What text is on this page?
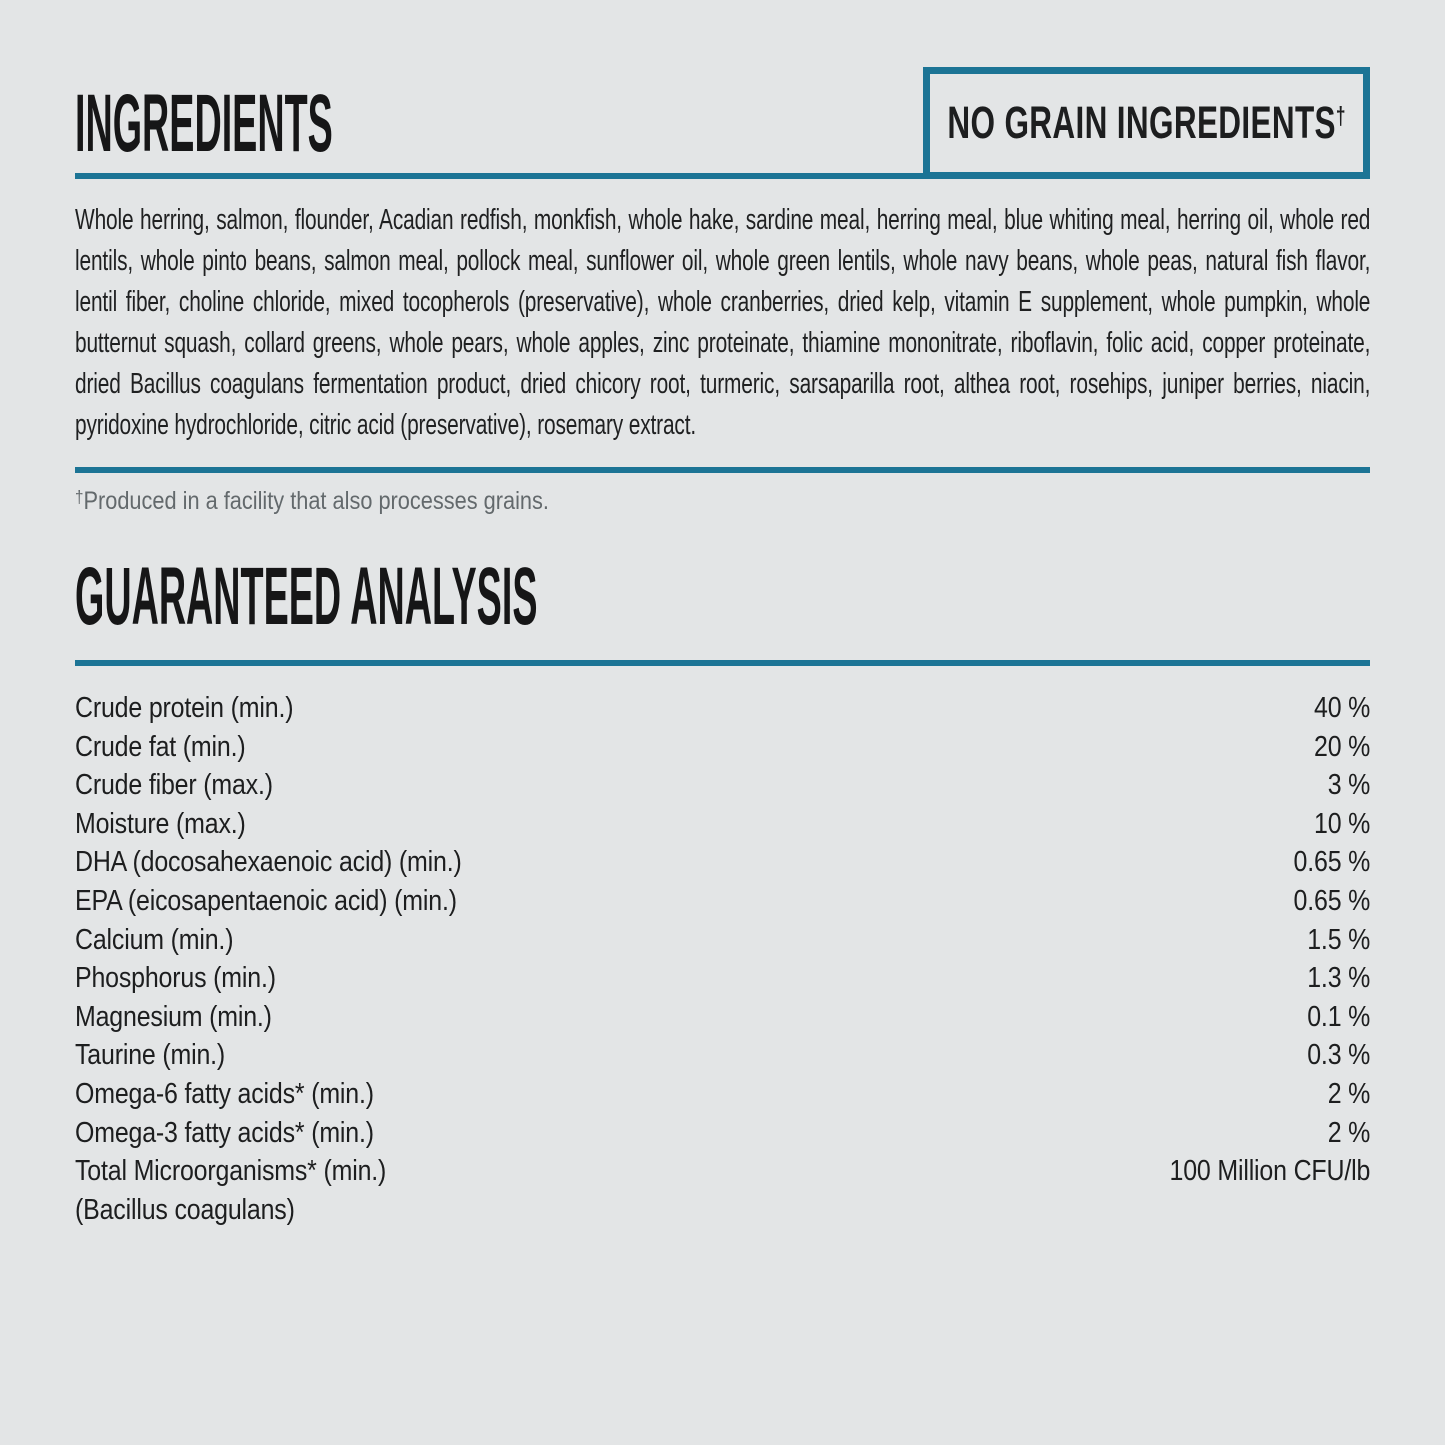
INGREDIENTS	NO GRAIN INGREDIENTS†
Whole herring, salmon, flounder, Acadian redfish, monkfish, whole hake, sardine meal, herring meal, blue whiting meal, herring oil, whole red lentils, whole pinto beans, salmon meal, pollock meal, sunflower oil, whole green lentils, whole navy beans, whole peas, natural fish flavor, lentil fiber, choline chloride, mixed tocopherols (preservative), whole cranberries, dried kelp, vitamin E supplement, whole pumpkin, whole butternut squash, collard greens, whole pears, whole apples, zinc proteinate, thiamine mononitrate, riboflavin, folic acid, copper proteinate, dried Bacillus coagulans fermentation product, dried chicory root, turmeric, sarsaparilla root, althea root, rosehips, juniper berries, niacin, pyridoxine hydrochloride, citric acid (preservative), rosemary extract.
†Produced in a facility that also processes grains.
GUARANTEED ANALYSIS
Crude protein (min.)	40 %
Crude fat (min.)	20 %
Crude fiber (max.)	3 %
Moisture (max.)	10 %
DHA (docosahexaenoic acid) (min.)	0.65 %
EPA (eicosapentaenoic acid) (min.)	0.65 %
Calcium (min.)	1.5 %
Phosphorus (min.)	1.3 %
Magnesium (min.)	0.1 %
Taurine (min.)	0.3 %
Omega-6 fatty acids* (min.)	2 %
Omega-3 fatty acids* (min.)	2 %
Total Microorganisms* (min.)	100 Million CFU/lb
(Bacillus coagulans)
